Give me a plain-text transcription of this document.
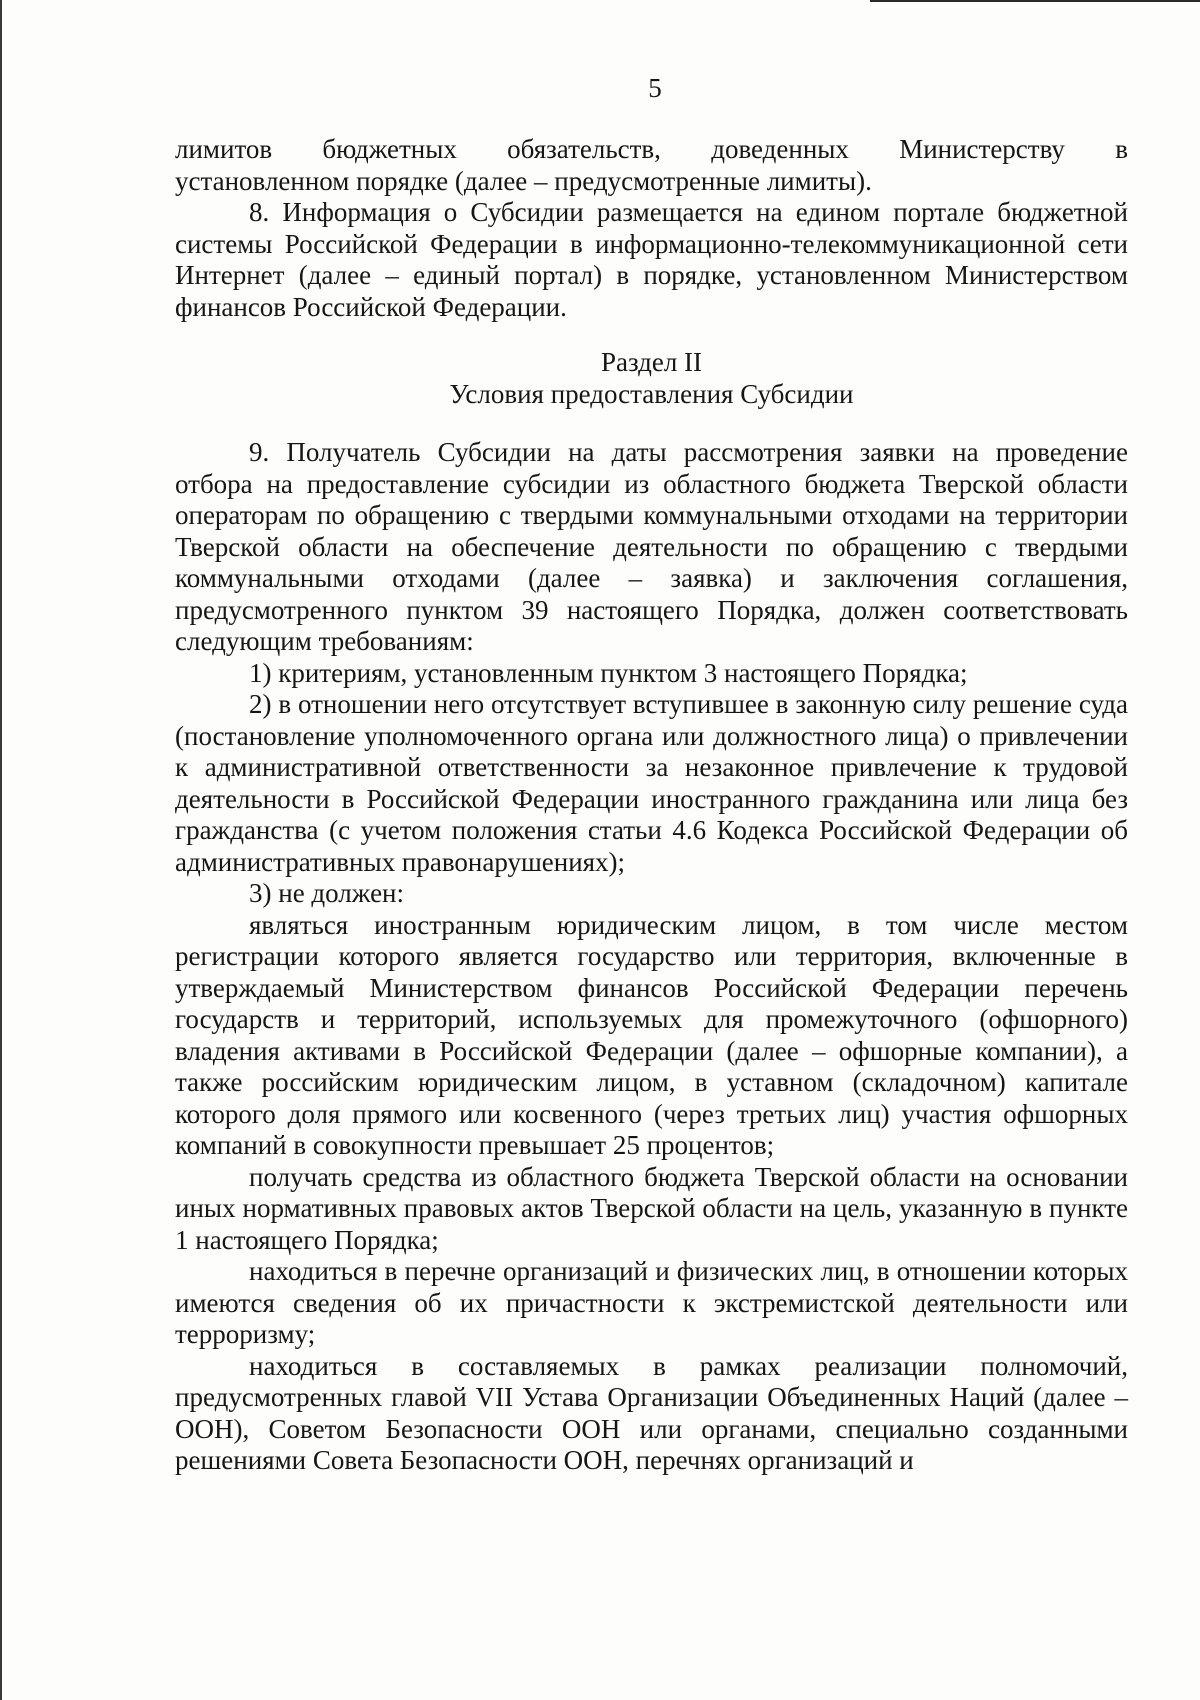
5
лимитов бюджетных обязательств, доведенных Министерству в

установленном порядке (далее – предусмотренные лимиты).

8. Информация о Субсидии размещается на едином портале бюджетной системы Российской Федерации в информационно-телекоммуникационной сети Интернет (далее – единый портал) в порядке, установленном Министерством финансов Российской Федерации.

Раздел II

Условия предоставления Субсидии

9. Получатель Субсидии на даты рассмотрения заявки на проведение отбора на предоставление субсидии из областного бюджета Тверской области операторам по обращению с твердыми коммунальными отходами на территории Тверской области на обеспечение деятельности по обращению с твердыми коммунальными отходами (далее – заявка) и заключения соглашения, предусмотренного пунктом 39 настоящего Порядка, должен соответствовать следующим требованиям:

1) критериям, установленным пунктом 3 настоящего Порядка;

2) в отношении него отсутствует вступившее в законную силу решение суда (постановление уполномоченного органа или должностного лица) о привлечении к административной ответственности за незаконное привлечение к трудовой деятельности в Российской Федерации иностранного гражданина или лица без гражданства (с учетом положения статьи 4.6 Кодекса Российской Федерации об административных правонарушениях);

3) не должен:

являться иностранным юридическим лицом, в том числе местом регистрации которого является государство или территория, включенные в утверждаемый Министерством финансов Российской Федерации перечень государств и территорий, используемых для промежуточного (офшорного) владения активами в Российской Федерации (далее – офшорные компании), а также российским юридическим лицом, в уставном (складочном) капитале которого доля прямого или косвенного (через третьих лиц) участия офшорных компаний в совокупности превышает 25 процентов;

получать средства из областного бюджета Тверской области на основании иных нормативных правовых актов Тверской области на цель, указанную в пункте 1 настоящего Порядка;

находиться в перечне организаций и физических лиц, в отношении которых имеются сведения об их причастности к экстремистской деятельности или терроризму;

находиться в составляемых в рамках реализации полномочий, предусмотренных главой VII Устава Организации Объединенных Наций (далее – ООН), Советом Безопасности ООН или органами, специально созданными решениями Совета Безопасности ООН, перечнях организаций и
